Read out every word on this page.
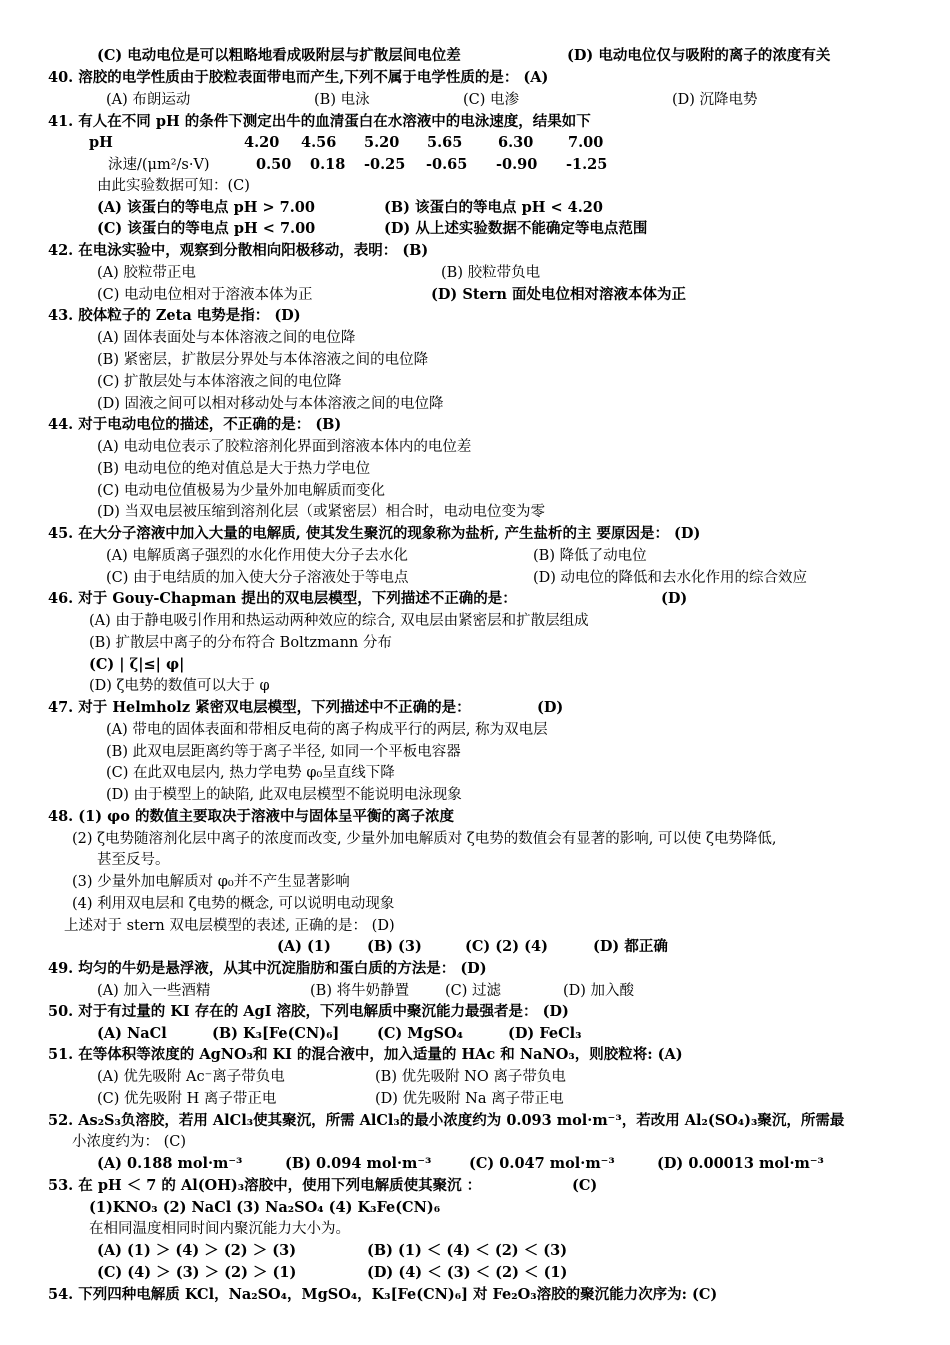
(C) 电动电位是可以粗略地看成吸附层与扩散层间电位差	(D) 电动电位仅与吸附的离子的浓度有关
40. 溶胶的电学性质由于胶粒表面带电而产生,下列不属于电学性质的是： (A)
(A) 布朗运动	(B) 电泳	(C) 电渗	(D) 沉降电势
41. 有人在不同 pH 的条件下测定出牛的血清蛋白在水溶液中的电泳速度，结果如下
pH	4.20 4.56 5.20 5.65 6.30 7.00
泳速/(μm²/s·V)	0.50 0.18 -0.25 -0.65 -0.90 -1.25
由此实验数据可知：(C)
(A) 该蛋白的等电点 pH > 7.00	(B) 该蛋白的等电点 pH < 4.20
(C) 该蛋白的等电点 pH < 7.00	(D) 从上述实验数据不能确定等电点范围
42. 在电泳实验中，观察到分散相向阳极移动，表明： (B)
(A) 胶粒带正电	(B) 胶粒带负电
(C) 电动电位相对于溶液本体为正	(D) Stern 面处电位相对溶液本体为正
43. 胶体粒子的 Zeta 电势是指： (D)
(A) 固体表面处与本体溶液之间的电位降
(B) 紧密层，扩散层分界处与本体溶液之间的电位降
(C) 扩散层处与本体溶液之间的电位降
(D) 固液之间可以相对移动处与本体溶液之间的电位降
44. 对于电动电位的描述，不正确的是： (B)
(A) 电动电位表示了胶粒溶剂化界面到溶液本体内的电位差
(B) 电动电位的绝对值总是大于热力学电位
(C) 电动电位值极易为少量外加电解质而变化
(D) 当双电层被压缩到溶剂化层（或紧密层）相合时，电动电位变为零
45. 在大分子溶液中加入大量的电解质, 使其发生聚沉的现象称为盐析, 产生盐析的主 要原因是： (D)
(A) 电解质离子强烈的水化作用使大分子去水化	(B) 降低了动电位
(C) 由于电结质的加入使大分子溶液处于等电点	(D) 动电位的降低和去水化作用的综合效应
46. 对于 Gouy-Chapman 提出的双电层模型，下列描述不正确的是：	(D)
(A) 由于静电吸引作用和热运动两种效应的综合, 双电层由紧密层和扩散层组成
(B) 扩散层中离子的分布符合 Boltzmann 分布
(C) | ζ|≤| φ|
(D) ζ电势的数值可以大于 φ
47. 对于 Helmholz 紧密双电层模型，下列描述中不正确的是：	(D)
(A) 带电的固体表面和带相反电荷的离子构成平行的两层, 称为双电层
(B) 此双电层距离约等于离子半径, 如同一个平板电容器
(C) 在此双电层内, 热力学电势 φ₀呈直线下降
(D) 由于模型上的缺陷, 此双电层模型不能说明电泳现象
48. (1) φo 的数值主要取决于溶液中与固体呈平衡的离子浓度
(2) ζ电势随溶剂化层中离子的浓度而改变, 少量外加电解质对 ζ电势的数值会有显著的影响, 可以使 ζ电势降低,
甚至反号。
(3) 少量外加电解质对 φ₀并不产生显著影响
(4) 利用双电层和 ζ电势的概念, 可以说明电动现象
上述对于 stern 双电层模型的表述, 正确的是： (D)
(A) (1) (B) (3)	(C) (2) (4)	(D) 都正确
49. 均匀的牛奶是悬浮液，从其中沉淀脂肪和蛋白质的方法是： (D)
(A) 加入一些酒精	(B) 将牛奶静置 (C) 过滤	(D) 加入酸
50. 对于有过量的 KI 存在的 AgI 溶胶，下列电解质中聚沉能力最强者是： (D)
(A) NaCl	(B) K₃[Fe(CN)₆]	(C) MgSO₄	(D) FeCl₃
51. 在等体积等浓度的 AgNO₃和 KI 的混合液中，加入适量的 HAc 和 NaNO₃，则胶粒将: (A)
(A) 优先吸附 Ac⁻离子带负电	(B) 优先吸附 NO 离子带负电
(C) 优先吸附 H 离子带正电	(D) 优先吸附 Na 离子带正电
52. As₂S₃负溶胶，若用 AlCl₃使其聚沉，所需 AlCl₃的最小浓度约为 0.093 mol·m⁻³，若改用 Al₂(SO₄)₃聚沉，所需最
小浓度约为： (C)
(A) 0.188 mol·m⁻³	(B) 0.094 mol·m⁻³	(C) 0.047 mol·m⁻³	(D) 0.00013 mol·m⁻³
53. 在 pH ＜ 7 的 Al(OH)₃溶胶中，使用下列电解质使其聚沉 ：	(C)
(1)KNO₃ (2) NaCl (3) Na₂SO₄ (4) K₃Fe(CN)₆
在相同温度相同时间内聚沉能力大小为。
(A) (1) ＞ (4) ＞ (2) ＞ (3)	(B) (1) ＜ (4) ＜ (2) ＜ (3)
(C) (4) ＞ (3) ＞ (2) ＞ (1)	(D) (4) ＜ (3) ＜ (2) ＜ (1)
54. 下列四种电解质 KCl，Na₂SO₄，MgSO₄，K₃[Fe(CN)₆] 对 Fe₂O₃溶胶的聚沉能力次序为: (C)
